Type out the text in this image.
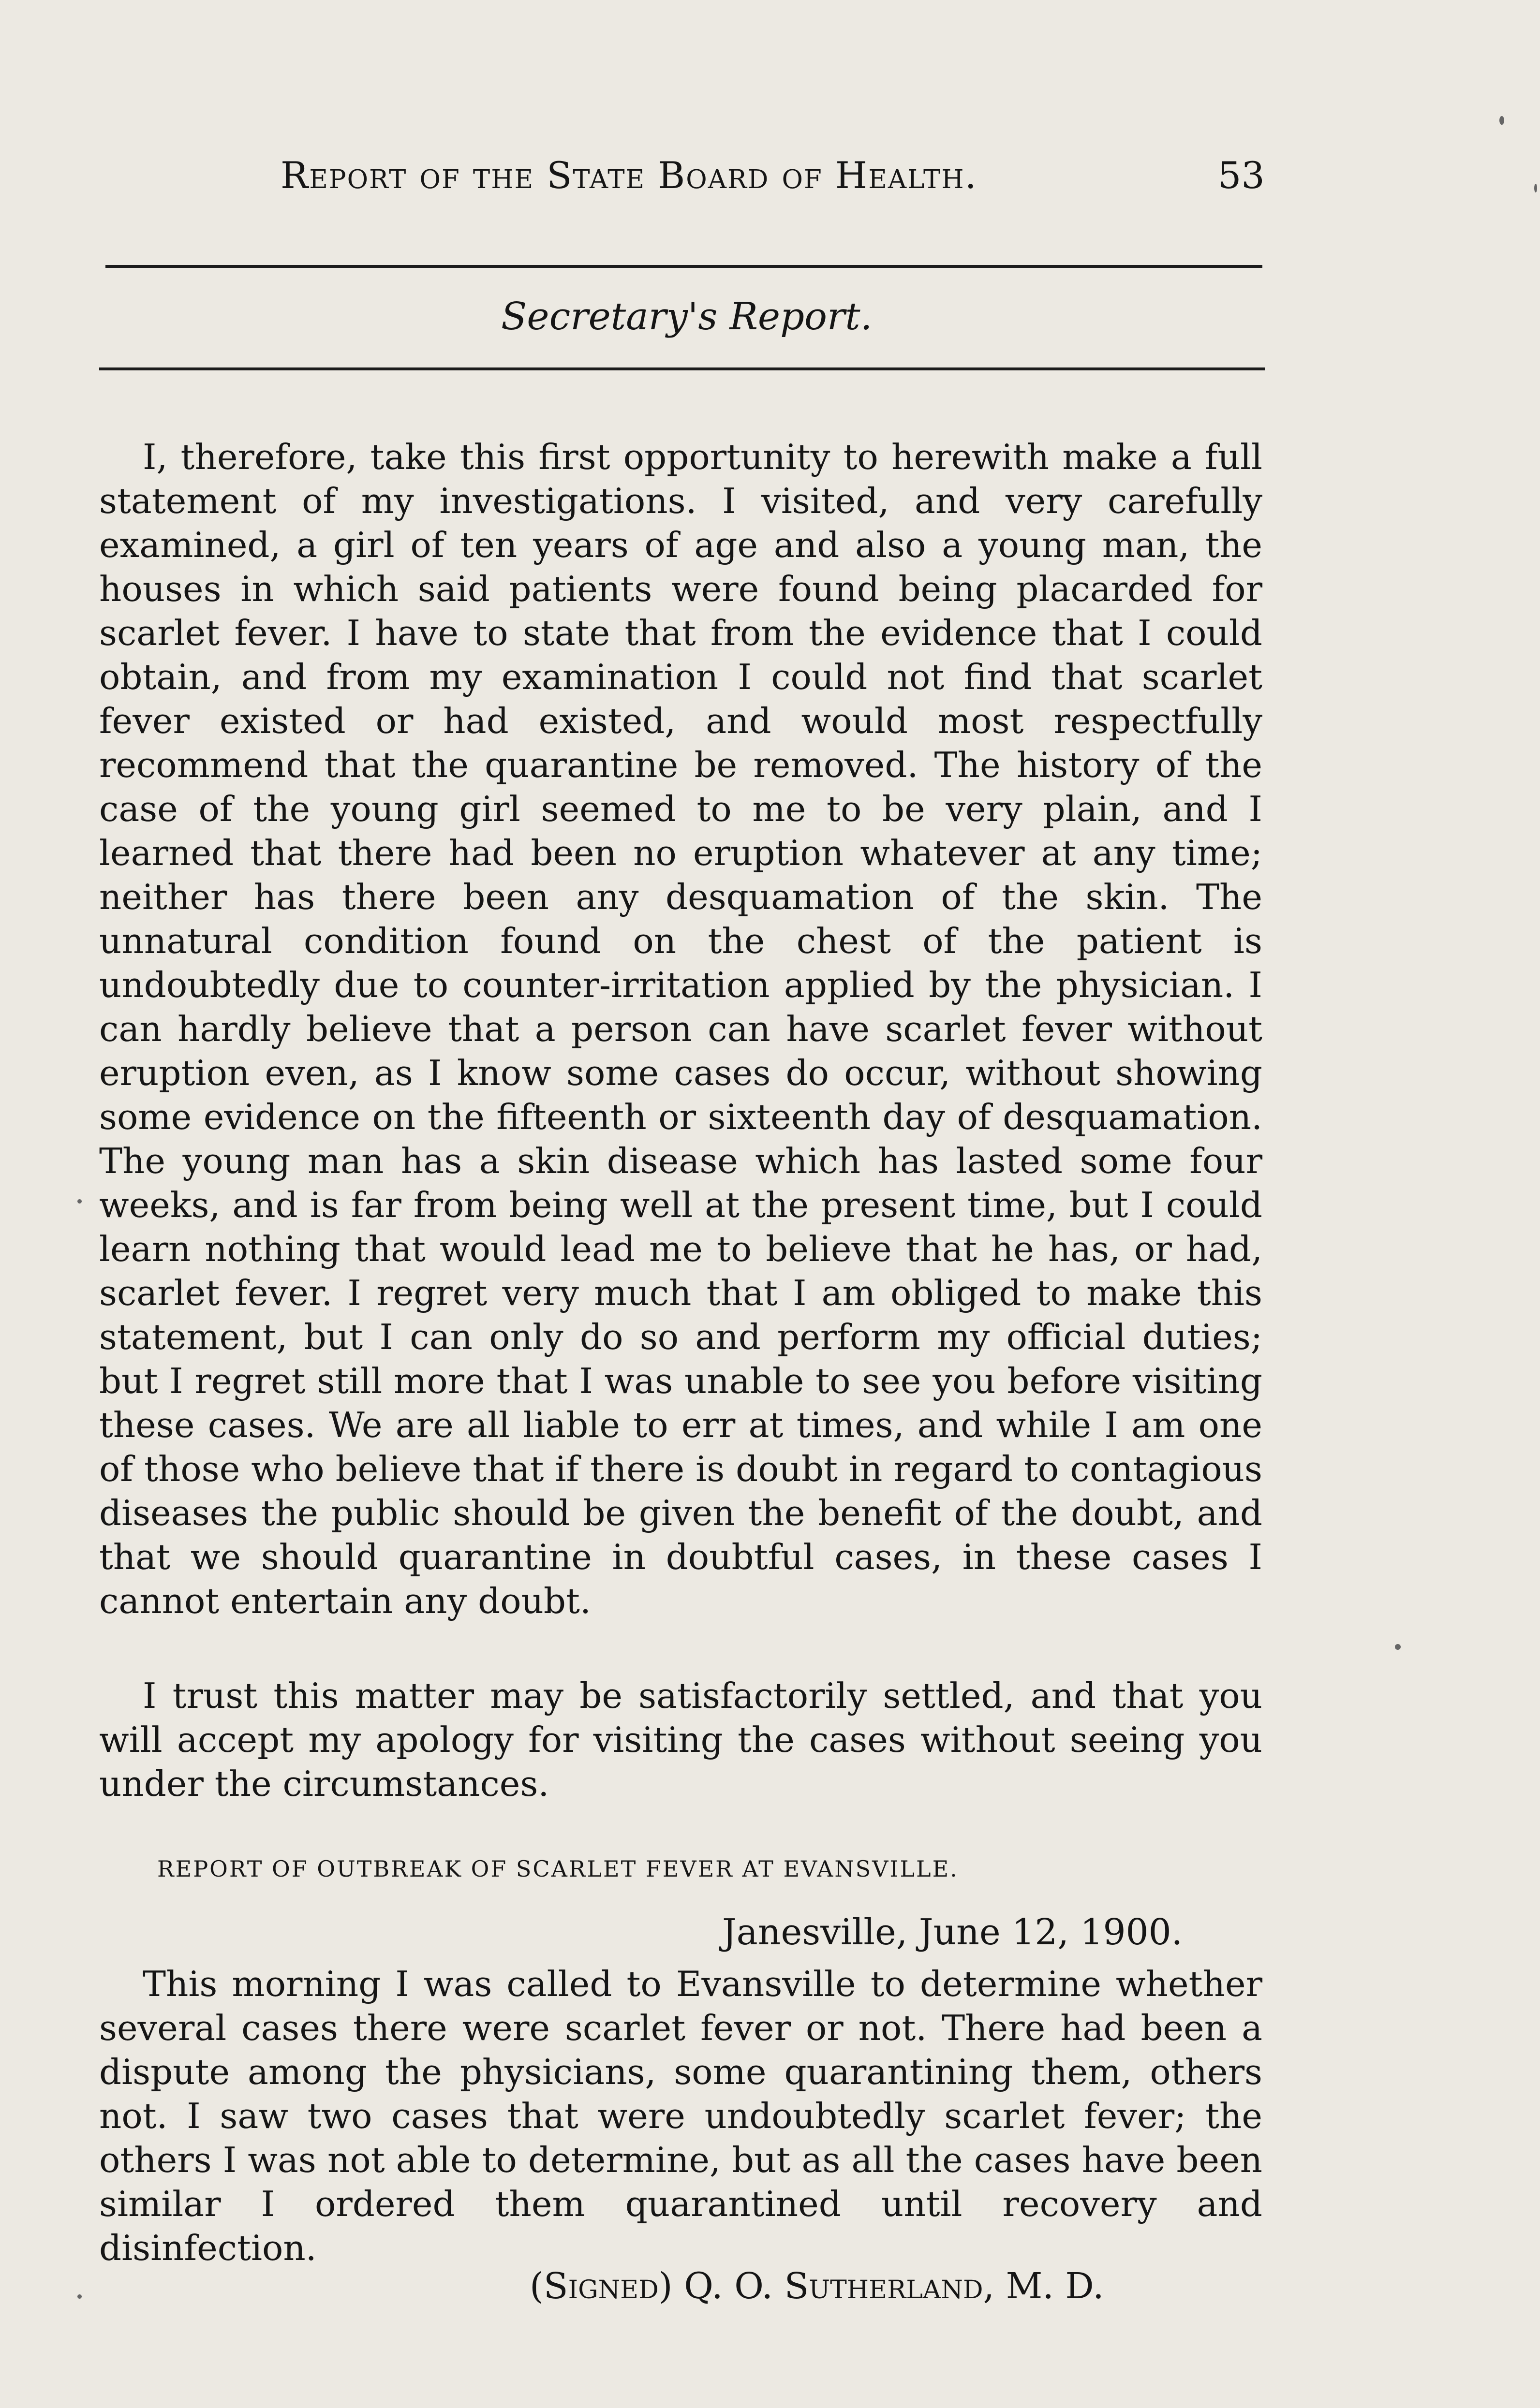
Report of the State Board of Health.	53
Secretary's Report.
I, therefore, take this first opportunity to herewith make a full statement of my investigations. I visited, and very carefully examined, a girl of ten years of age and also a young man, the houses in which said patients were found being placarded for scarlet fever. I have to state that from the evidence that I could obtain, and from my examination I could not find that scarlet fever existed or had existed, and would most respectfully recommend that the quarantine be removed. The history of the case of the young girl seemed to me to be very plain, and I learned that there had been no eruption whatever at any time; neither has there been any desquamation of the skin. The unnatural condition found on the chest of the patient is undoubtedly due to counter-irritation applied by the physician. I can hardly believe that a person can have scarlet fever without eruption even, as I know some cases do occur, without showing some evidence on the fifteenth or sixteenth day of desquamation. The young man has a skin disease which has lasted some four weeks, and is far from being well at the present time, but I could learn nothing that would lead me to believe that he has, or had, scarlet fever. I regret very much that I am obliged to make this statement, but I can only do so and perform my official duties; but I regret still more that I was unable to see you before visiting these cases. We are all liable to err at times, and while I am one of those who believe that if there is doubt in regard to contagious diseases the public should be given the benefit of the doubt, and that we should quarantine in doubtful cases, in these cases I cannot entertain any doubt.
I trust this matter may be satisfactorily settled, and that you will accept my apology for visiting the cases without seeing you under the circumstances.
REPORT OF OUTBREAK OF SCARLET FEVER AT EVANSVILLE.
Janesville, June 12, 1900.
This morning I was called to Evansville to determine whether several cases there were scarlet fever or not. There had been a dispute among the physicians, some quarantining them, others not. I saw two cases that were undoubtedly scarlet fever; the others I was not able to determine, but as all the cases have been similar I ordered them quarantined until recovery and disinfection.
(Signed) Q. O. Sutherland, M. D.
